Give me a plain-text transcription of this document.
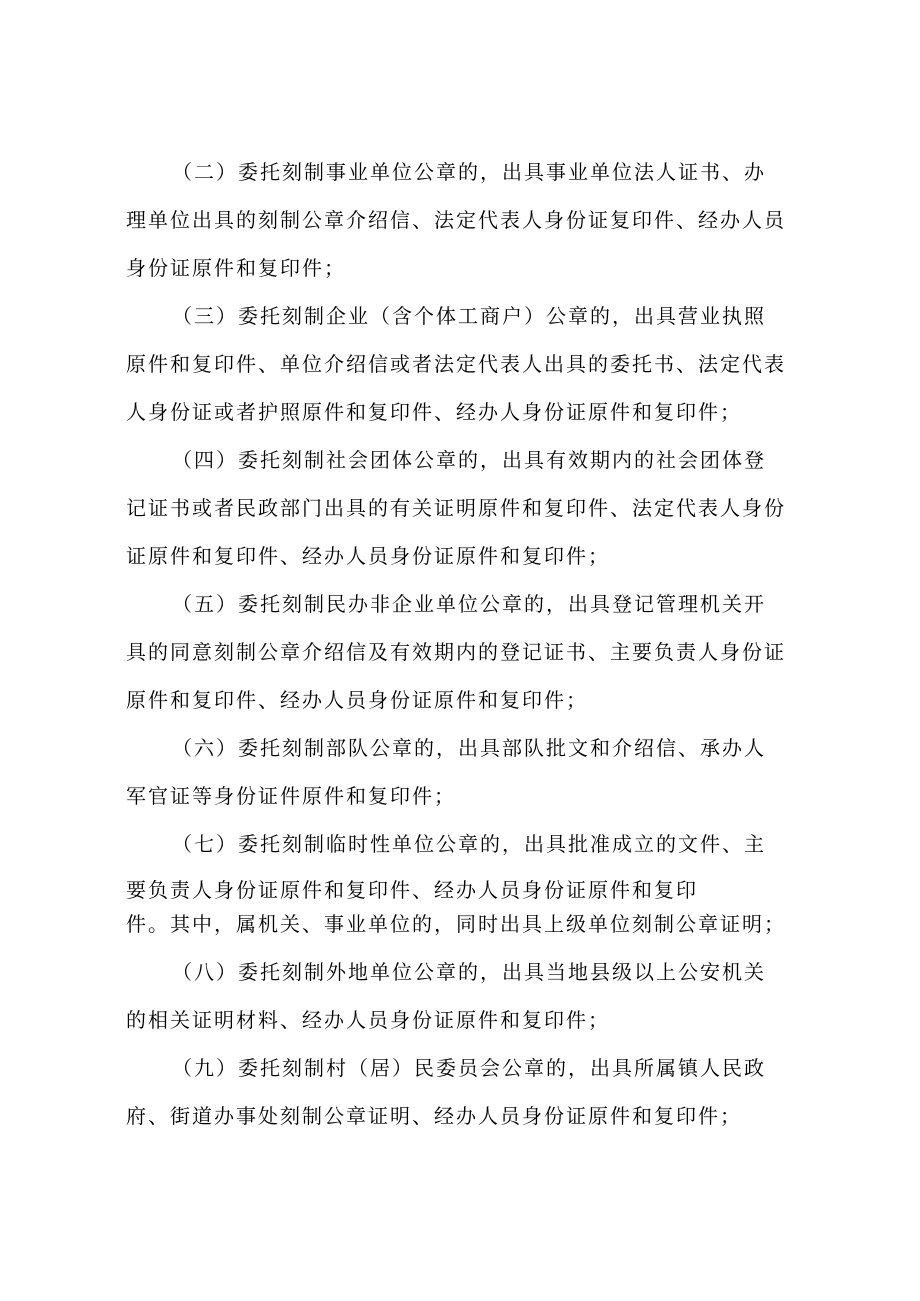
（二）委托刻制事业单位公章的，出具事业单位法人证书、办
理单位出具的刻制公章介绍信、法定代表人身份证复印件、经办人员
身份证原件和复印件；
（三）委托刻制企业（含个体工商户）公章的，出具营业执照
原件和复印件、单位介绍信或者法定代表人出具的委托书、法定代表
人身份证或者护照原件和复印件、经办人身份证原件和复印件；
（四）委托刻制社会团体公章的，出具有效期内的社会团体登
记证书或者民政部门出具的有关证明原件和复印件、法定代表人身份
证原件和复印件、经办人员身份证原件和复印件；
（五）委托刻制民办非企业单位公章的，出具登记管理机关开
具的同意刻制公章介绍信及有效期内的登记证书、主要负责人身份证
原件和复印件、经办人员身份证原件和复印件；
（六）委托刻制部队公章的，出具部队批文和介绍信、承办人
军官证等身份证件原件和复印件；
（七）委托刻制临时性单位公章的，出具批准成立的文件、主
要负责人身份证原件和复印件、经办人员身份证原件和复印
件。其中，属机关、事业单位的，同时出具上级单位刻制公章证明；
（八）委托刻制外地单位公章的，出具当地县级以上公安机关
的相关证明材料、经办人员身份证原件和复印件；
（九）委托刻制村（居）民委员会公章的，出具所属镇人民政
府、街道办事处刻制公章证明、经办人员身份证原件和复印件；
